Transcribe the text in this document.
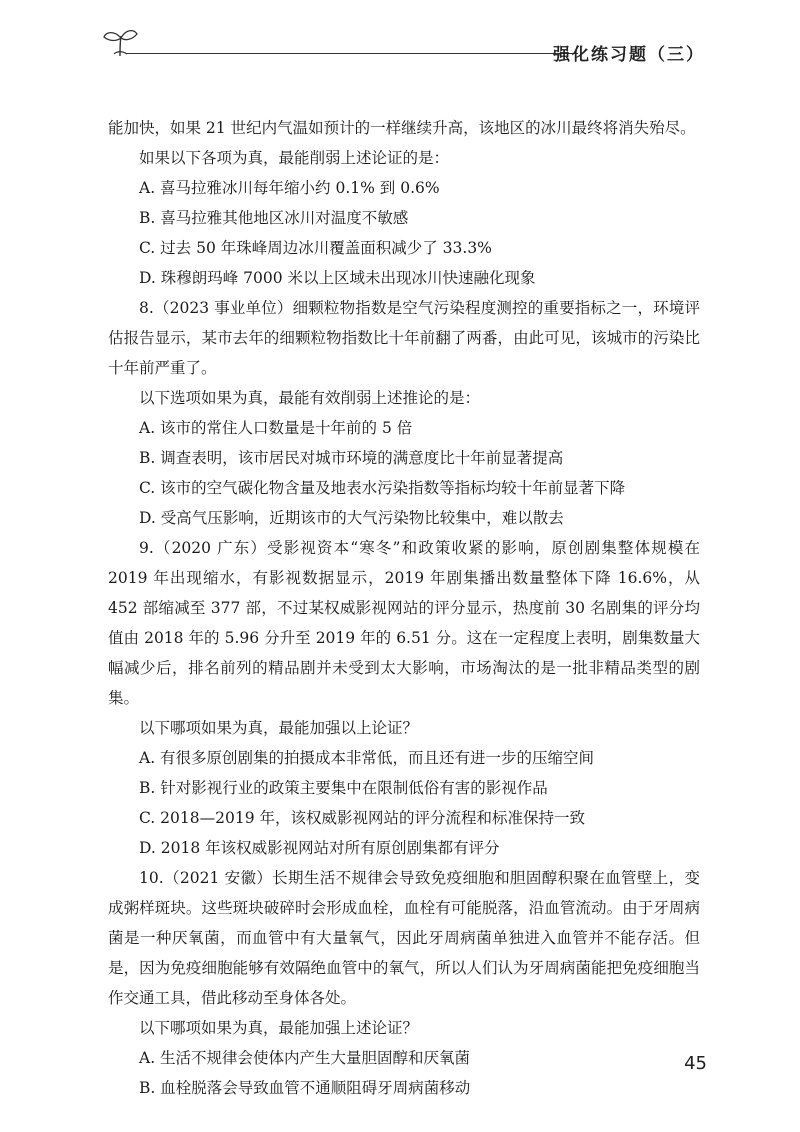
强化练习题（三）

能加快，如果 21 世纪内气温如预计的一样继续升高，该地区的冰川最终将消失殆尽。

如果以下各项为真，最能削弱上述论证的是：

A. 喜马拉雅冰川每年缩小约 0.1% 到 0.6%

B. 喜马拉雅其他地区冰川对温度不敏感

C. 过去 50 年珠峰周边冰川覆盖面积减少了 33.3%

D. 珠穆朗玛峰 7000 米以上区域未出现冰川快速融化现象

8.（2023 事业单位）细颗粒物指数是空气污染程度测控的重要指标之一，环境评估报告显示，某市去年的细颗粒物指数比十年前翻了两番，由此可见，该城市的污染比十年前严重了。

以下选项如果为真，最能有效削弱上述推论的是：

A. 该市的常住人口数量是十年前的 5 倍

B. 调查表明，该市居民对城市环境的满意度比十年前显著提高

C. 该市的空气碳化物含量及地表水污染指数等指标均较十年前显著下降

D. 受高气压影响，近期该市的大气污染物比较集中，难以散去

9.（2020 广东）受影视资本“寒冬”和政策收紧的影响，原创剧集整体规模在 2019 年出现缩水，有影视数据显示，2019 年剧集播出数量整体下降 16.6%，从 452 部缩减至 377 部，不过某权威影视网站的评分显示，热度前 30 名剧集的评分均值由 2018 年的 5.96 分升至 2019 年的 6.51 分。这在一定程度上表明，剧集数量大幅减少后，排名前列的精品剧并未受到太大影响，市场淘汰的是一批非精品类型的剧集。

以下哪项如果为真，最能加强以上论证？

A. 有很多原创剧集的拍摄成本非常低，而且还有进一步的压缩空间

B. 针对影视行业的政策主要集中在限制低俗有害的影视作品

C. 2018—2019 年，该权威影视网站的评分流程和标准保持一致

D. 2018 年该权威影视网站对所有原创剧集都有评分

10.（2021 安徽）长期生活不规律会导致免疫细胞和胆固醇积聚在血管壁上，变成粥样斑块。这些斑块破碎时会形成血栓，血栓有可能脱落，沿血管流动。由于牙周病菌是一种厌氧菌，而血管中有大量氧气，因此牙周病菌单独进入血管并不能存活。但是，因为免疫细胞能够有效隔绝血管中的氧气，所以人们认为牙周病菌能把免疫细胞当作交通工具，借此移动至身体各处。

以下哪项如果为真，最能加强上述论证？

A. 生活不规律会使体内产生大量胆固醇和厌氧菌

B. 血栓脱落会导致血管不通顺阻碍牙周病菌移动

45
